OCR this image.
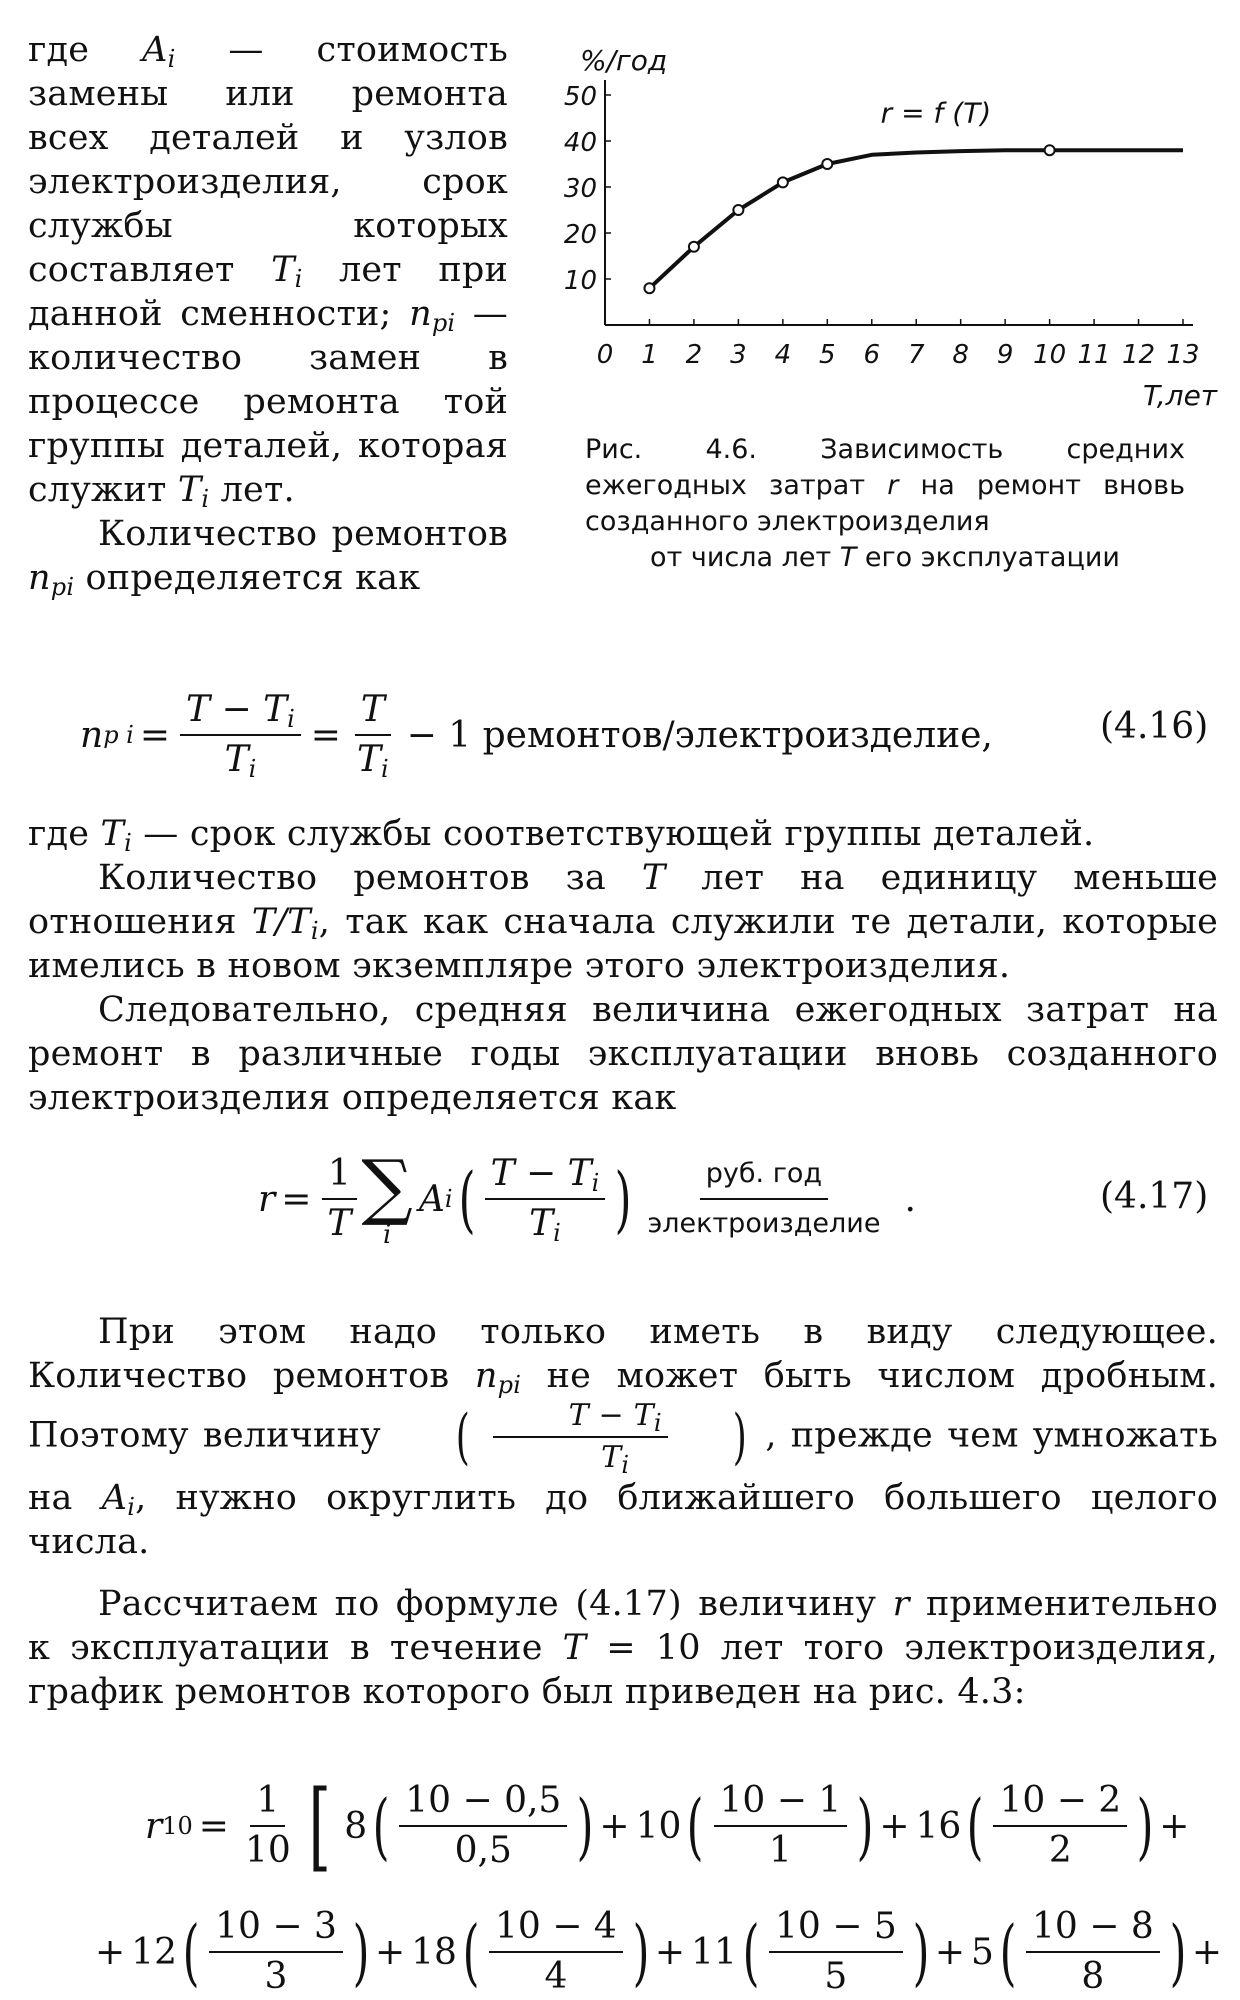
где $A_i$ — стоимость замены или ремонта всех деталей и узлов электроизделия, срок службы которых составляет $T_i$ лет при данной сменности; $n_{pi}$ — количество замен в процессе ремонта той группы деталей, которая служит $T_i$ лет.

Количество ремонтов $n_{pi}$ определяется как

0 1 2 3 4 5 6 7 8 9 10 11 12 13
10
20
30
40
50
%/год
T,лет
r = f (T)
Рис. 4.6. Зависимость средних ежегодных затрат r на ремонт вновь созданного электроизделия
от числа лет T его эксплуатации
n p $i = \frac{T - T_i}{T_i} = \frac{T}{T_i} - 1$ ремонтов/электроизделие,	(4.16)

где $T_i$ — срок службы соответствующей группы деталей.

Количество ремонтов за T лет на единицу меньше отношения $T/T_i$, так как сначала служили те детали, которые имелись в новом экземпляре этого электроизделия.

Следовательно, средняя величина ежегодных затрат на ремонт в различные годы эксплуатации вновь созданного электроизделия определяется как

$r = \frac{1}{T}$ ∑
i
A i ( $\frac{T - T_i}{T_i}$ ) $\frac{\text{руб. год}}{\text{электроизделие}}$ .	(4.17)

При этом надо только иметь в виду следующее. Количество ремонтов $n_{pi}$ не может быть числом дробным. Поэтому величину ( $\frac{T - T_i}{T_i}$ ) , прежде чем умножать на $A_i$, нужно округлить до ближайшего большего целого числа.

Рассчитаем по формуле (4.17) величину r применительно к эксплуатации в течение T = 10 лет того электроизделия, график ремонтов которого был приведен на рис. 4.3:

r $10 = \frac{1}{10}$ [ 8 ( $\frac{10 - 0,5}{0,5}$ ) + 10 ( $\frac{10 - 1}{1}$ ) + 16 ( $\frac{10 - 2}{2}$ ) +
+ 12 ( $\frac{10 - 3}{3}$ ) + 18 ( $\frac{10 - 4}{4}$ ) + 11 ( $\frac{10 - 5}{5}$ ) + 5 ( $\frac{10 - 8}{8}$ ) +
